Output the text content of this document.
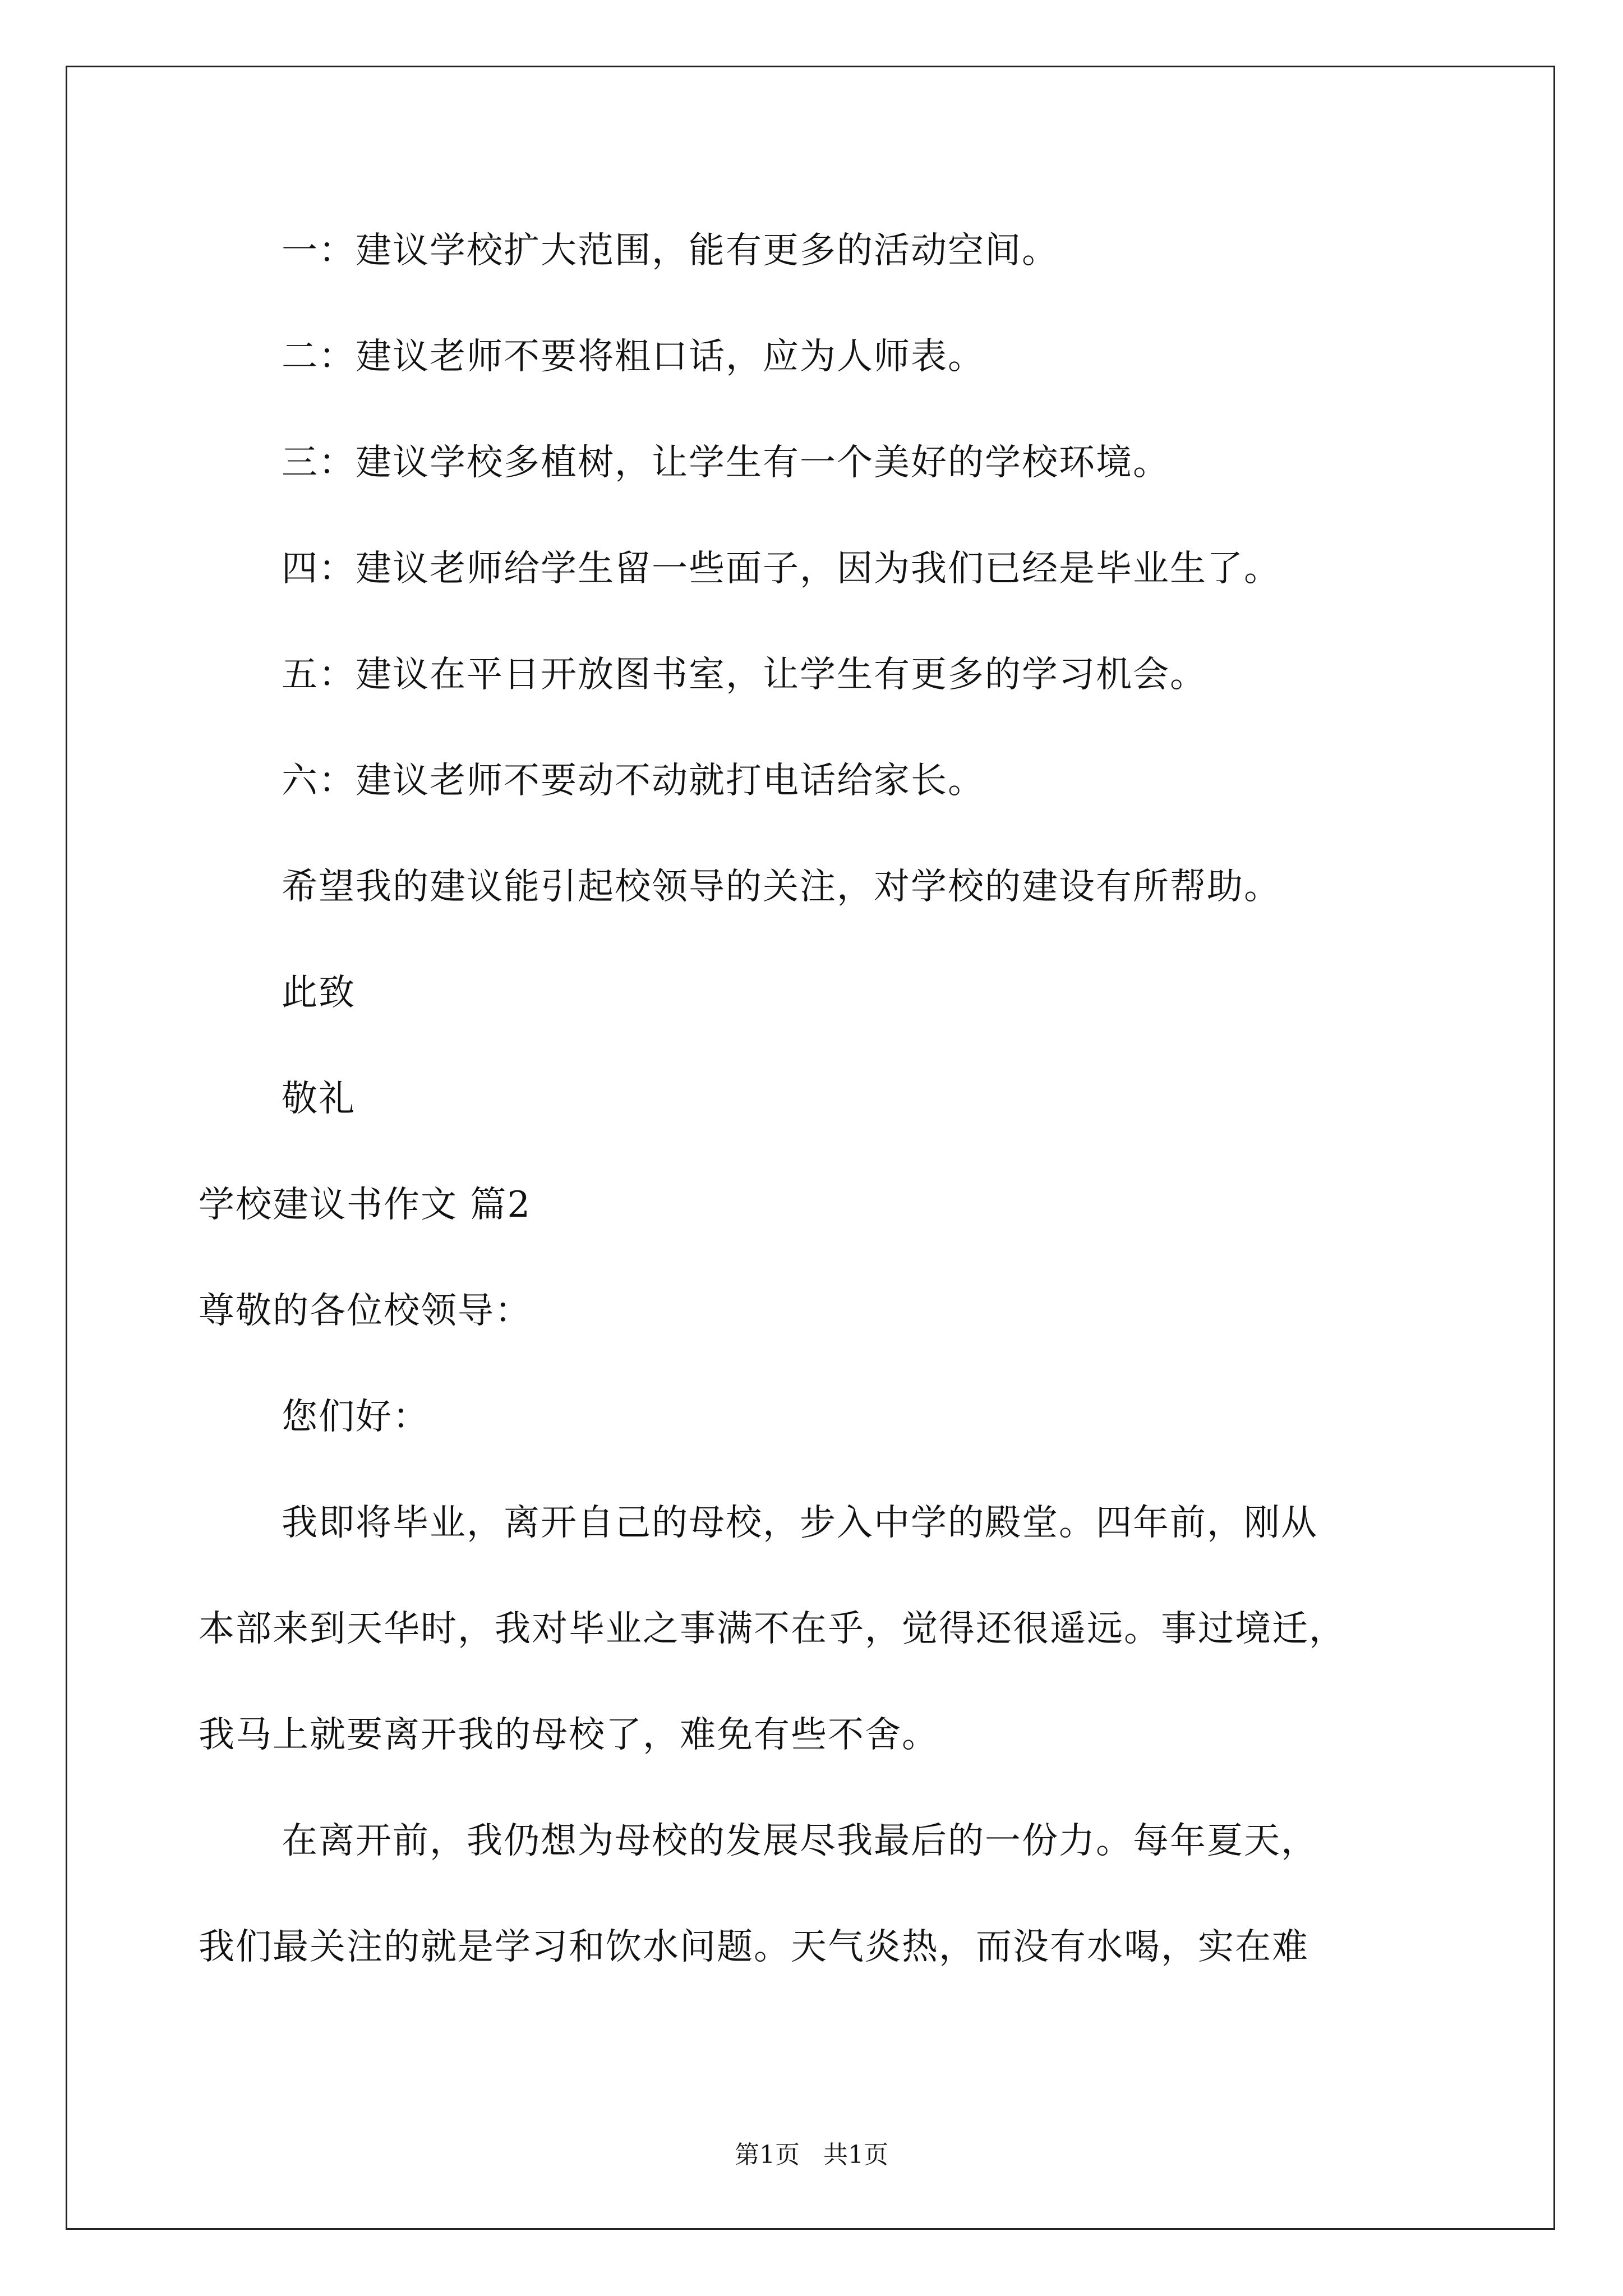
一：建议学校扩大范围，能有更多的活动空间。
二：建议老师不要将粗口话，应为人师表。
三：建议学校多植树，让学生有一个美好的学校环境。
四：建议老师给学生留一些面子，因为我们已经是毕业生了。
五：建议在平日开放图书室，让学生有更多的学习机会。
六：建议老师不要动不动就打电话给家长。
希望我的建议能引起校领导的关注，对学校的建设有所帮助。
此致
敬礼
学校建议书作文 篇2
尊敬的各位校领导：
您们好：
我即将毕业，离开自己的母校，步入中学的殿堂。四年前，刚从
本部来到天华时，我对毕业之事满不在乎，觉得还很遥远。事过境迁，
我马上就要离开我的母校了，难免有些不舍。
在离开前，我仍想为母校的发展尽我最后的一份力。每年夏天，
我们最关注的就是学习和饮水问题。天气炎热，而没有水喝，实在难
第1页   共1页
